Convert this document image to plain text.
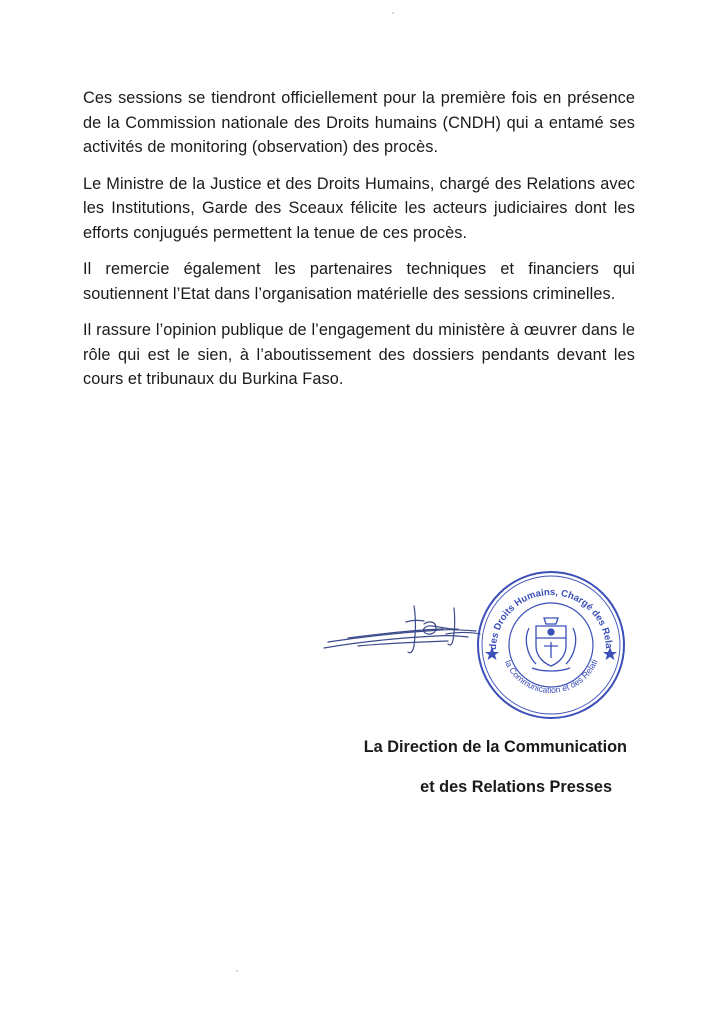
Ces sessions se tiendront officiellement pour la première fois en présence de la Commission nationale des Droits humains (CNDH) qui a entamé ses activités de monitoring (observation) des procès.

Le Ministre de la Justice et des Droits Humains, chargé des Relations avec les Institutions, Garde des Sceaux félicite les acteurs judiciaires dont les efforts conjugués permettent la tenue de ces procès.

Il remercie également les partenaires techniques et financiers qui soutiennent l’Etat dans l’organisation matérielle des sessions criminelles.

Il rassure l’opinion publique de l’engagement du ministère à œuvrer dans le rôle qui est le sien, à l’aboutissement des dossiers pendants devant les cours et tribunaux du Burkina Faso.

des Droits Humains, Chargé des Rela
la Communication et des Relati
La Direction de la Communication
et des Relations Presses
